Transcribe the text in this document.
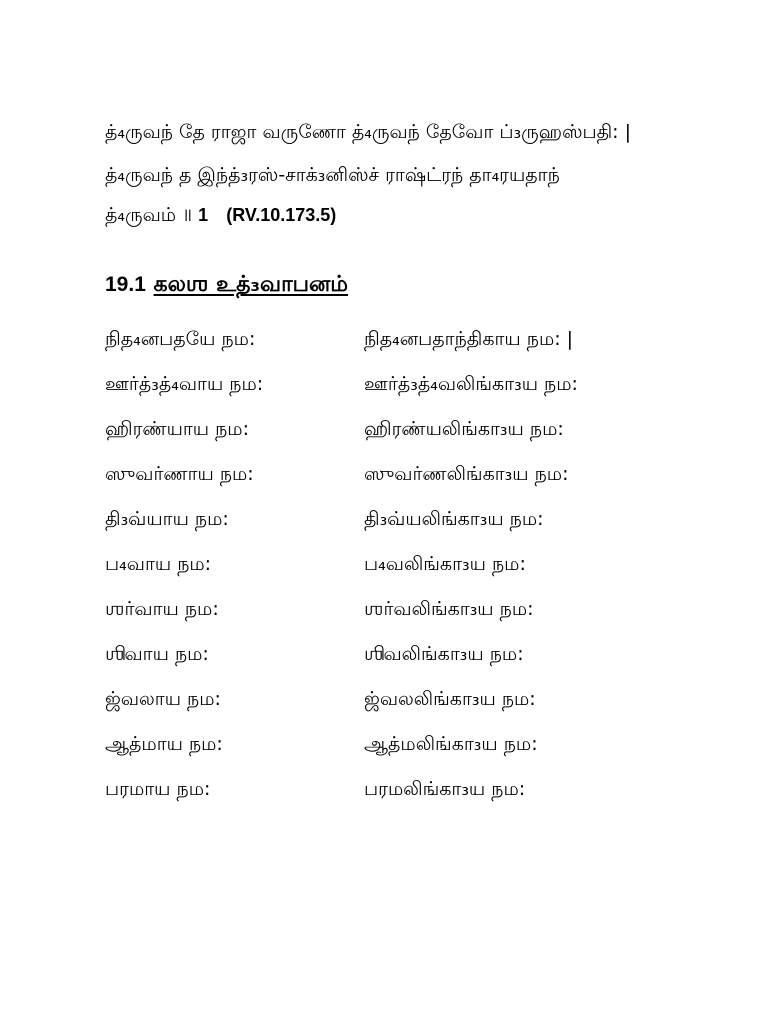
த்₄ருவந் தே ராஜா வருணோ த்₄ருவந் தேவோ ப்₃ருஹஸ்பதி: |
த்₄ருவந் த இந்த்₃ரஸ்-சாக்₃னிஸ்ச் ராஷ்ட்ரந் தா₄ரயதாந்
த்₄ருவம் ॥ 1 (RV.10.173.5)
19.1 கலஶ உத்₃வாபனம்
நித₄னபதயே நம:	நித₄னபதாந்திகாய நம: |
ஊர்த்₃த்₄வாய நம:	ஊர்த்₃த்₄வலிங்கா₃ய நம:
ஹிரண்யாய நம:	ஹிரண்யலிங்கா₃ய நம:
ஸுவர்ணாய நம:	ஸுவர்ணலிங்கா₃ய நம:
தி₃வ்யாய நம:	தி₃வ்யலிங்கா₃ய நம:
ப₄வாய நம:	ப₄வலிங்கா₃ய நம:
ஶர்வாய நம:	ஶர்வலிங்கா₃ய நம:
ஶிவாய நம:	ஶிவலிங்கா₃ய நம:
ஜ்வலாய நம:	ஜ்வலலிங்கா₃ய நம:
ஆத்மாய நம:	ஆத்மலிங்கா₃ய நம:
பரமாய நம:	பரமலிங்கா₃ய நம:
